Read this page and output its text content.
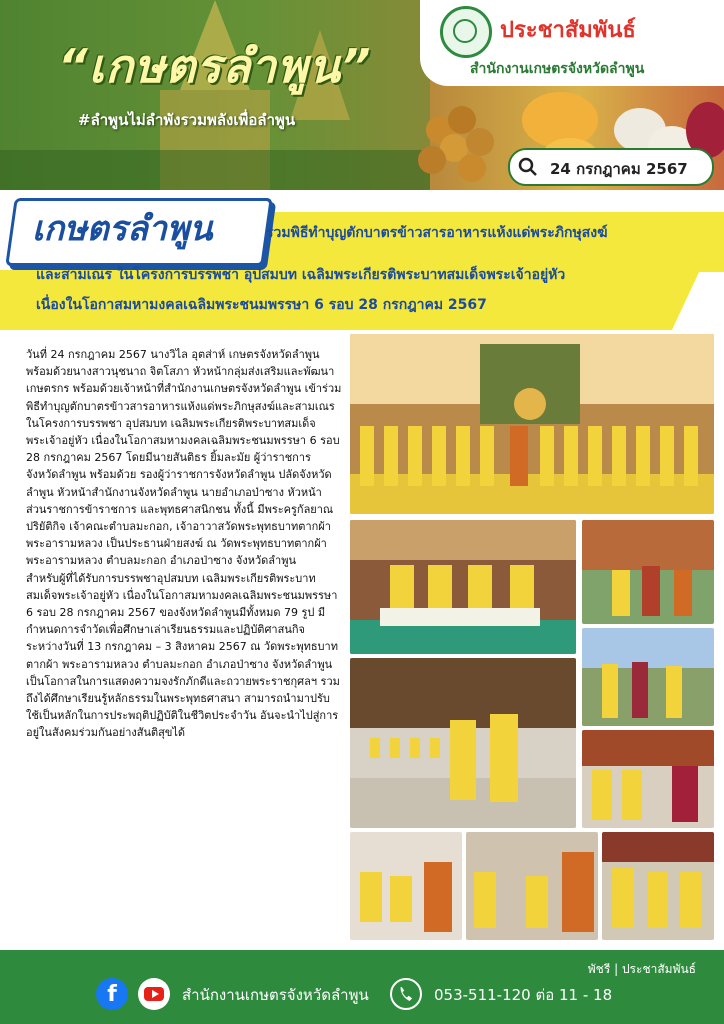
“เกษตรลำพูน”
#ลำพูนไม่ลำพังรวมพลังเพื่อลำพูน
ประชาสัมพันธ์
สำนักงานเกษตรจังหวัดลำพูน
24 กรกฎาคม 2567
เกษตรลำพูน	ร่วมพิธีทำบุญตักบาตรข้าวสารอาหารแห้งแด่พระภิกษุสงฆ์
และสามเณร ในโครงการบรรพชา อุปสมบท เฉลิมพระเกียรติพระบาทสมเด็จพระเจ้าอยู่หัว
เนื่องในโอกาสมหามงคลเฉลิมพระชนมพรรษา 6 รอบ 28 กรกฎาคม 2567

วันที่ 24 กรกฎาคม 2567 นางวิไล อุตส่าห์ เกษตรจังหวัดลำพูน พร้อมด้วยนางสาวนุชนาถ จิตโสภา หัวหน้ากลุ่มส่งเสริมและพัฒนาเกษตรกร พร้อมด้วยเจ้าหน้าที่สำนักงานเกษตรจังหวัดลำพูน เข้าร่วมพิธีทำบุญตักบาตรข้าวสารอาหารแห้งแด่พระภิกษุสงฆ์และสามเณร ในโครงการบรรพชา อุปสมบท เฉลิมพระเกียรติพระบาทสมเด็จพระเจ้าอยู่หัว เนื่องในโอกาสมหามงคลเฉลิมพระชนมพรรษา 6 รอบ 28 กรกฎาคม 2567 โดยมีนายสันติธร ยิ้มละมัย ผู้ว่าราชการจังหวัดลำพูน พร้อมด้วย รองผู้ว่าราชการจังหวัดลำพูน ปลัดจังหวัดลำพูน หัวหน้าสำนักงานจังหวัดลำพูน นายอำเภอป่าซาง หัวหน้าส่วนราชการข้าราชการ และพุทธศาสนิกชน ทั้งนี้ มีพระครูกัลยาณปริยัติกิจ เจ้าคณะตำบลมะกอก, เจ้าอาวาสวัดพระพุทธบาทตากผ้า พระอารามหลวง เป็นประธานฝ่ายสงฆ์ ณ วัดพระพุทธบาทตากผ้า พระอารามหลวง ตำบลมะกอก อำเภอป่าซาง จังหวัดลำพูน

สำหรับผู้ที่ได้รับการบรรพชาอุปสมบท เฉลิมพระเกียรติพระบาทสมเด็จพระเจ้าอยู่หัว เนื่องในโอกาสมหามงคลเฉลิมพระชนมพรรษา 6 รอบ 28 กรกฎาคม 2567 ของจังหวัดลำพูนมีทั้งหมด 79 รูป มีกำหนดการจำวัดเพื่อศึกษาเล่าเรียนธรรมและปฏิบัติศาสนกิจ ระหว่างวันที่ 13 กรกฎาคม – 3 สิงหาคม 2567 ณ วัดพระพุทธบาทตากผ้า พระอารามหลวง ตำบลมะกอก อำเภอป่าซาง จังหวัดลำพูน เป็นโอกาสในการแสดงความจงรักภักดีและถวายพระราชกุศลฯ รวมถึงได้ศึกษาเรียนรู้หลักธรรมในพระพุทธศาสนา สามารถนำมาปรับใช้เป็นหลักในการประพฤติปฏิบัติในชีวิตประจำวัน อันจะนำไปสู่การอยู่ในสังคมร่วมกันอย่างสันติสุขได้

พัชรี | ประชาสัมพันธ์
f	สำนักงานเกษตรจังหวัดลำพูน	053-511-120 ต่อ 11 - 18
